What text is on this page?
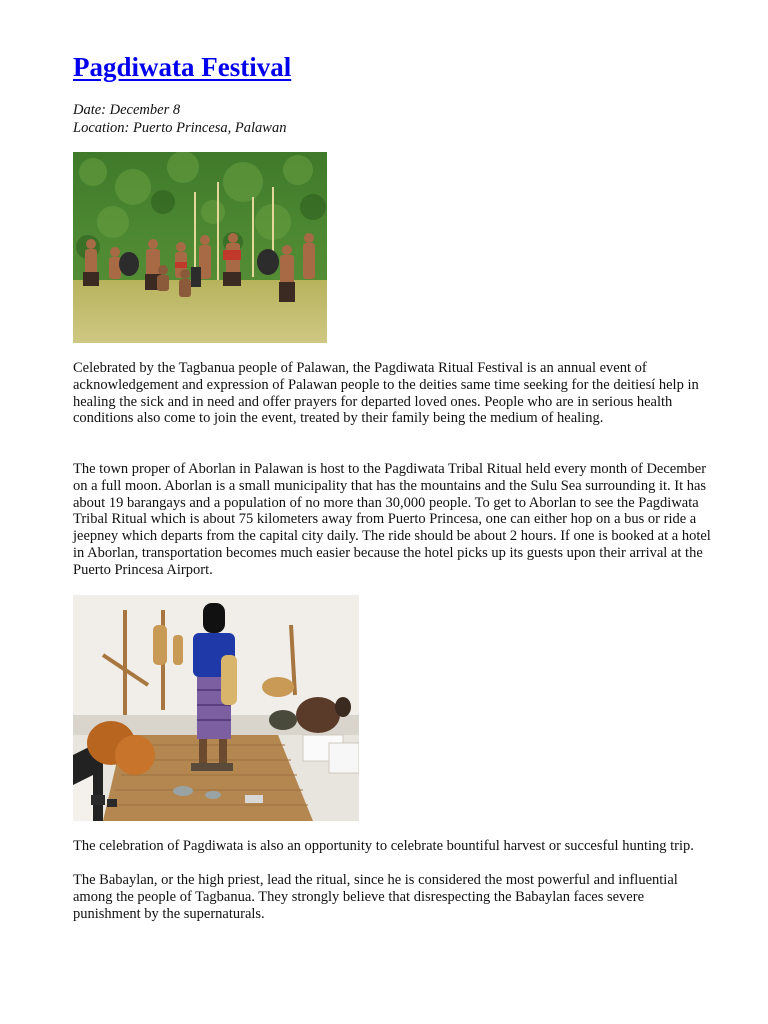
Pagdiwata Festival
Date: December 8
Location: Puerto Princesa, Palawan

Celebrated by the Tagbanua people of Palawan, the Pagdiwata Ritual Festival is an annual event of acknowledgement and expression of Palawan people to the deities same time seeking for the deitiesí help in healing the sick and in need and offer prayers for departed loved ones. People who are in serious health conditions also come to join the event, treated by their family being the medium of healing.

The town proper of Aborlan in Palawan is host to the Pagdiwata Tribal Ritual held every month of December on a full moon. Aborlan is a small municipality that has the mountains and the Sulu Sea surrounding it. It has about 19 barangays and a population of no more than 30,000 people. To get to Aborlan to see the Pagdiwata Tribal Ritual which is about 75 kilometers away from Puerto Princesa, one can either hop on a bus or ride a jeepney which departs from the capital city daily. The ride should be about 2 hours. If one is booked at a hotel in Aborlan, transportation becomes much easier because the hotel picks up its guests upon their arrival at the Puerto Princesa Airport.

The celebration of Pagdiwata is also an opportunity to celebrate bountiful harvest or succesful hunting trip.

The Babaylan, or the high priest, lead the ritual, since he is considered the most powerful and influential among the people of Tagbanua. They strongly believe that disrespecting the Babaylan faces severe punishment by the supernaturals.
